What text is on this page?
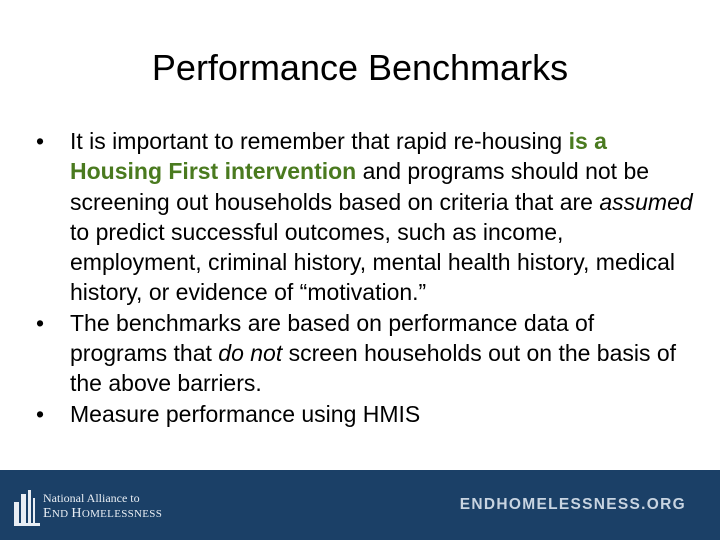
Performance Benchmarks
•	It is important to remember that rapid re-housing is a Housing First intervention and programs should not be screening out households based on criteria that are assumed to predict successful outcomes, such as income, employment, criminal history, mental health history, medical history, or evidence of “motivation.”
•	The benchmarks are based on performance data of programs that do not screen households out on the basis of the above barriers.
•	Measure performance using HMIS
National Alliance to
END HOMELESSNESS
ENDHOMELESSNESS.ORG
